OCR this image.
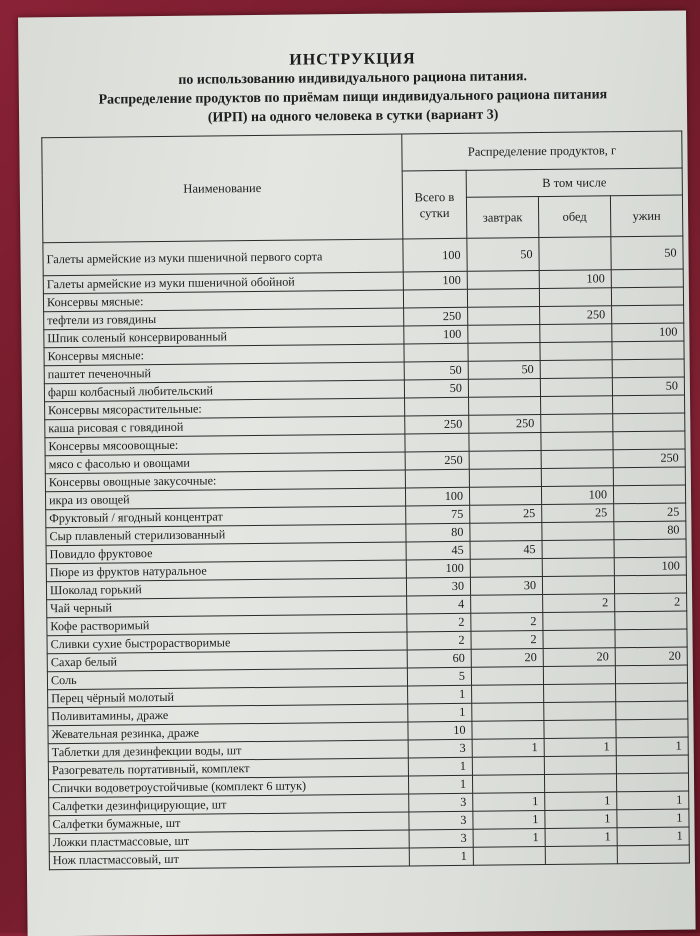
ИНСТРУКЦИЯ
по использованию индивидуального рациона питания.
Распределение продуктов по приёмам пищи индивидуального рациона питания
(ИРП) на одного человека в сутки (вариант 3)
Наименование	Распределение продуктов, г			
	Всего в сутки	В том числе		
		завтрак	обед	ужин
Галеты армейские из муки пшеничной первого сорта	100	50		50
Галеты армейские из муки пшеничной обойной	100		100	
Консервы мясные:				
тефтели из говядины	250		250	
Шпик соленый консервированный	100			100
Консервы мясные:				
паштет печеночный	50	50		
фарш колбасный любительский	50			50
Консервы мясорастительные:				
каша рисовая с говядиной	250	250		
Консервы мясоовощные:				
мясо с фасолью и овощами	250			250
Консервы овощные закусочные:				
икра из овощей	100		100	
Фруктовый / ягодный концентрат	75	25	25	25
Сыр плавленый стерилизованный	80			80
Повидло фруктовое	45	45		
Пюре из фруктов натуральное	100			100
Шоколад горький	30	30		
Чай черный	4		2	2
Кофе растворимый	2	2		
Сливки сухие быстрорастворимые	2	2		
Сахар белый	60	20	20	20
Соль	5			
Перец чёрный молотый	1			
Поливитамины, драже	1			
Жевательная резинка, драже	10			
Таблетки для дезинфекции воды, шт	3	1	1	1
Разогреватель портативный, комплект	1			
Спички водоветроустойчивые (комплект 6 штук)	1			
Салфетки дезинфицирующие, шт	3	1	1	1
Салфетки бумажные, шт	3	1	1	1
Ложки пластмассовые, шт	3	1	1	1
Нож пластмассовый, шт	1			
